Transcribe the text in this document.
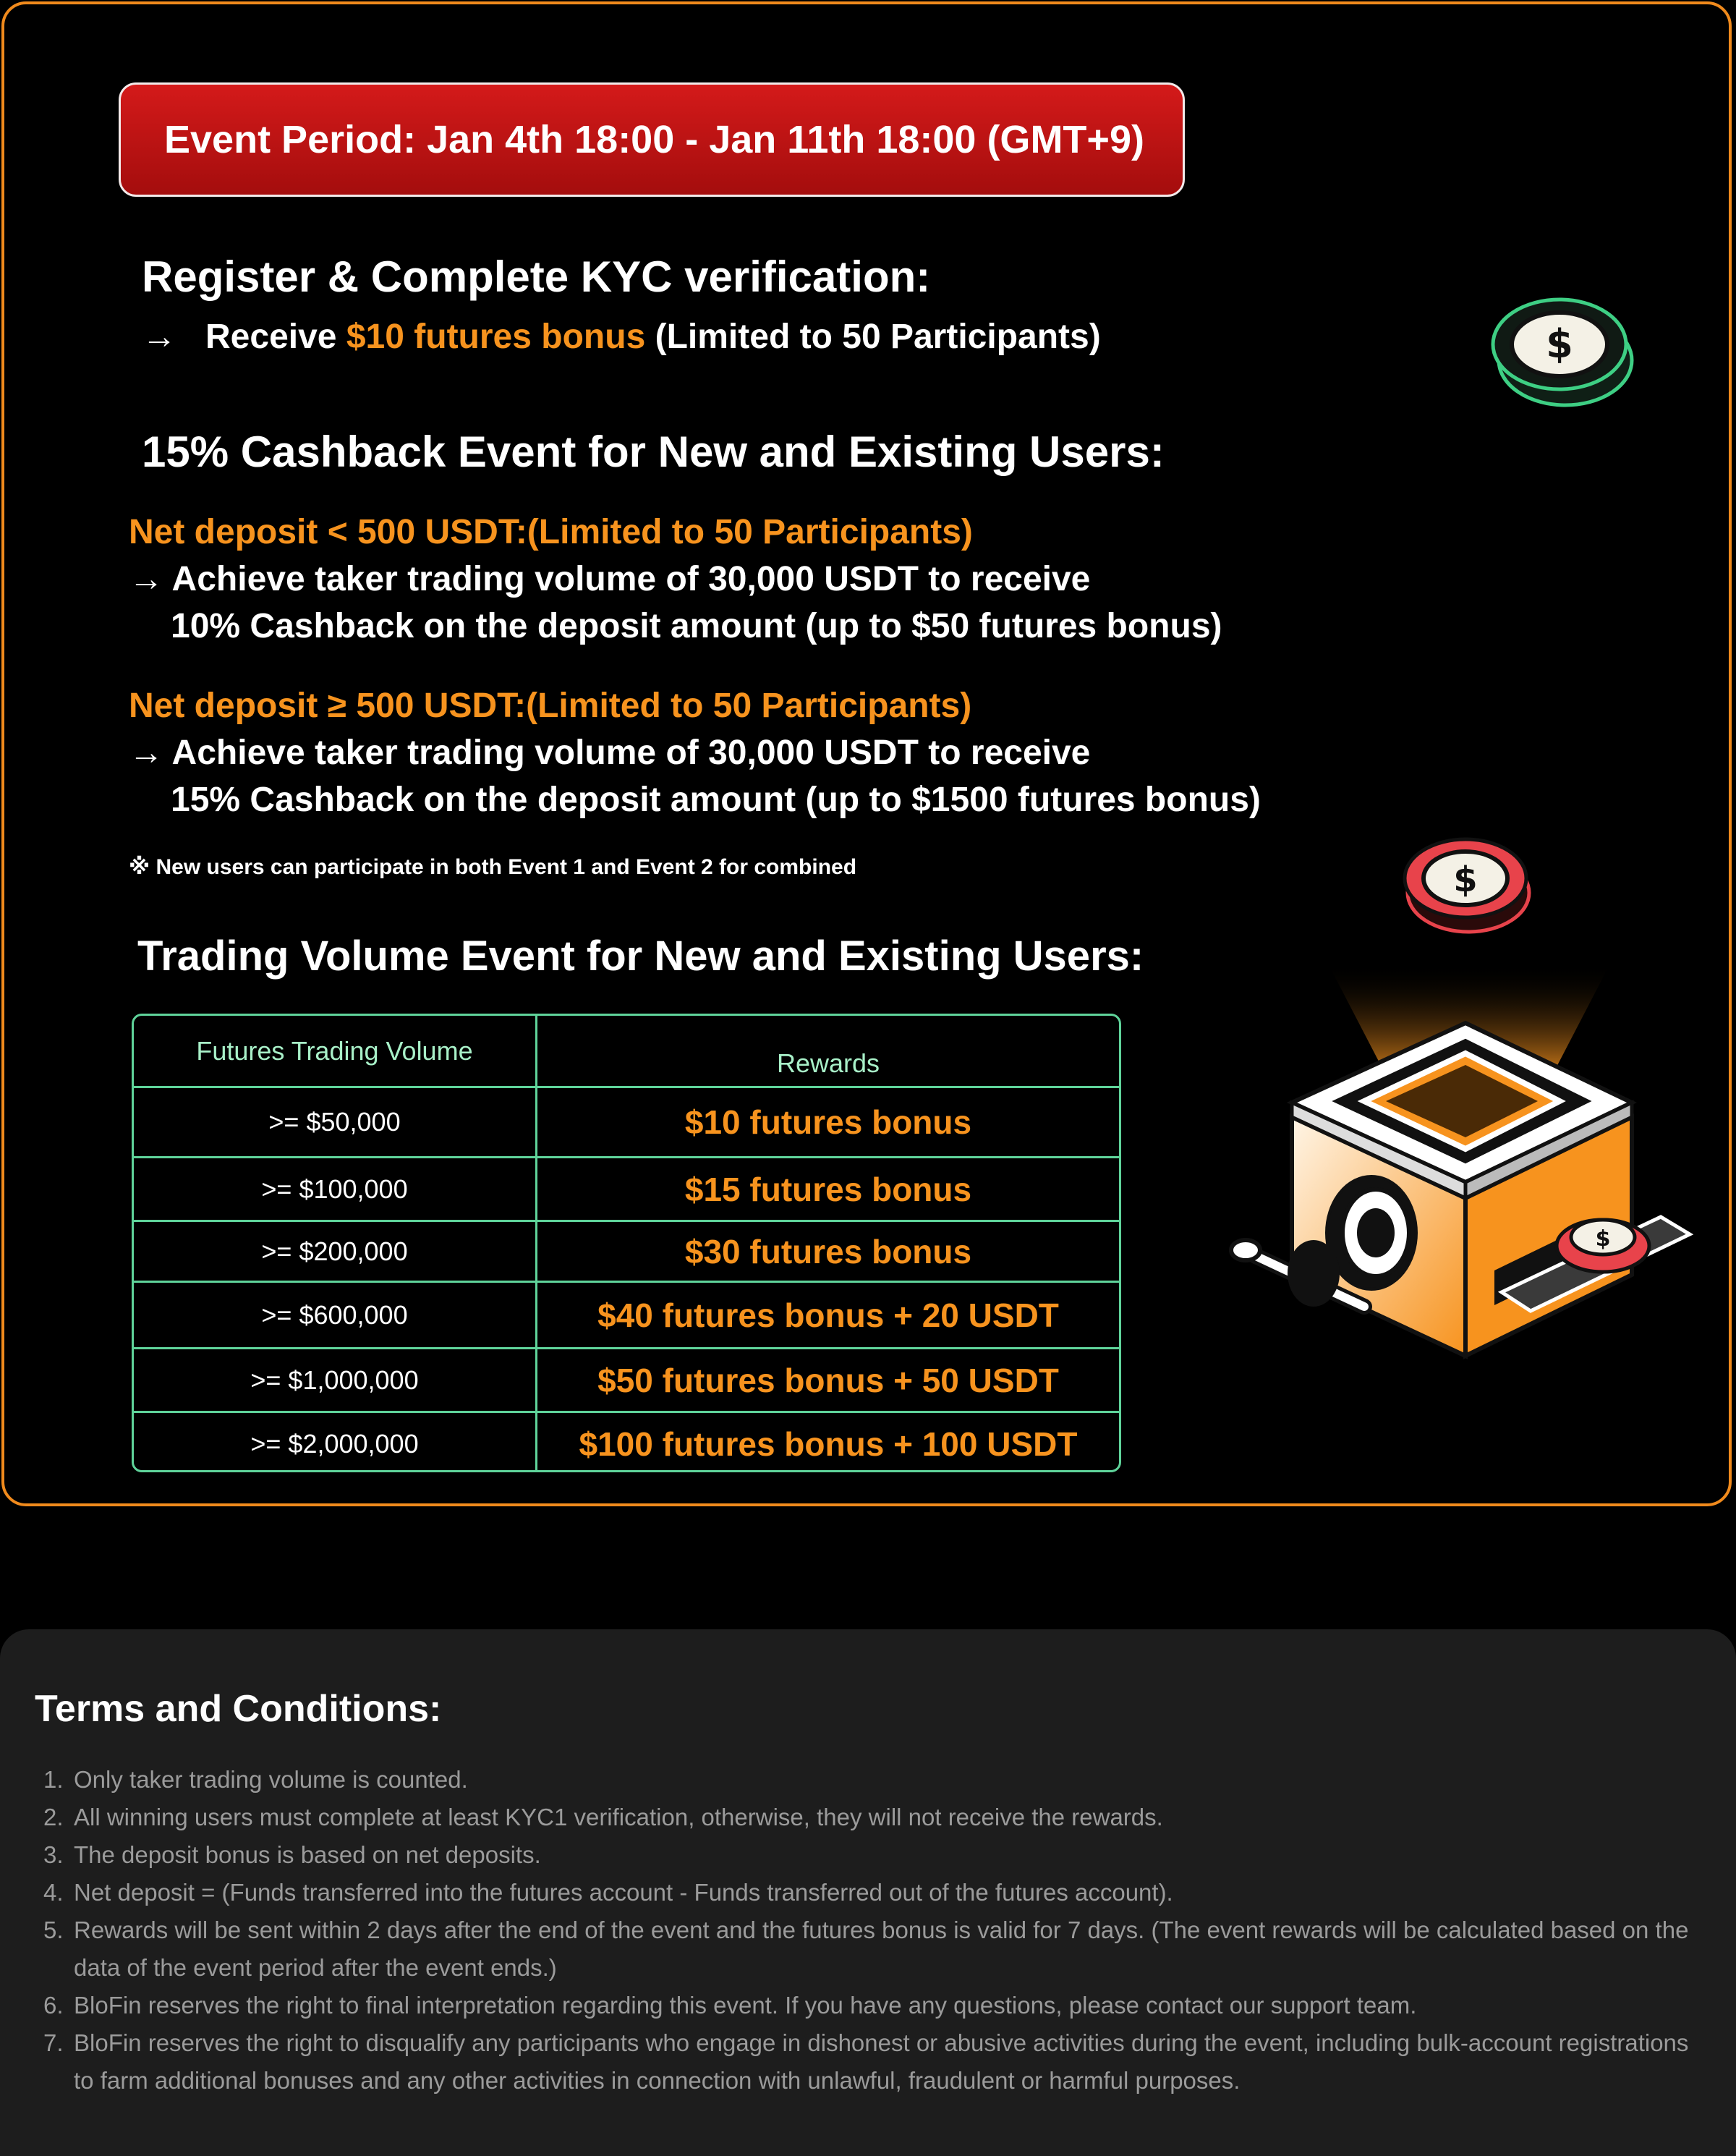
Event Period: Jan 4th 18:00 - Jan 11th 18:00 (GMT+9)
Register & Complete KYC verification:
→ Receive $10 futures bonus (Limited to 50 Participants)	$
15% Cashback Event for New and Existing Users:
Net deposit < 500 USDT:(Limited to 50 Participants)
→ Achieve taker trading volume of 30,000 USDT to receive
10% Cashback on the deposit amount (up to $50 futures bonus)
Net deposit ≥ 500 USDT:(Limited to 50 Participants)
→ Achieve taker trading volume of 30,000 USDT to receive
15% Cashback on the deposit amount (up to $1500 futures bonus)
※ New users can participate in both Event 1 and Event 2 for combined
Trading Volume Event for New and Existing Users:
Futures Trading Volume	Rewards
>= $50,000	$10 futures bonus
>= $100,000	$15 futures bonus
>= $200,000	$30 futures bonus
>= $600,000	$40 futures bonus + 20 USDT
>= $1,000,000	$50 futures bonus + 50 USDT
>= $2,000,000	$100 futures bonus + 100 USDT
$
$
Terms and Conditions:
1. Only taker trading volume is counted.
2. All winning users must complete at least KYC1 verification, otherwise, they will not receive the rewards.
3. The deposit bonus is based on net deposits.
4. Net deposit = (Funds transferred into the futures account - Funds transferred out of the futures account).
5. Rewards will be sent within 2 days after the end of the event and the futures bonus is valid for 7 days. (The event rewards will be calculated based on the data of the event period after the event ends.)
6. BloFin reserves the right to final interpretation regarding this event. If you have any questions, please contact our support team.
7. BloFin reserves the right to disqualify any participants who engage in dishonest or abusive activities during the event, including bulk-account registrations to farm additional bonuses and any other activities in connection with unlawful, fraudulent or harmful purposes.
